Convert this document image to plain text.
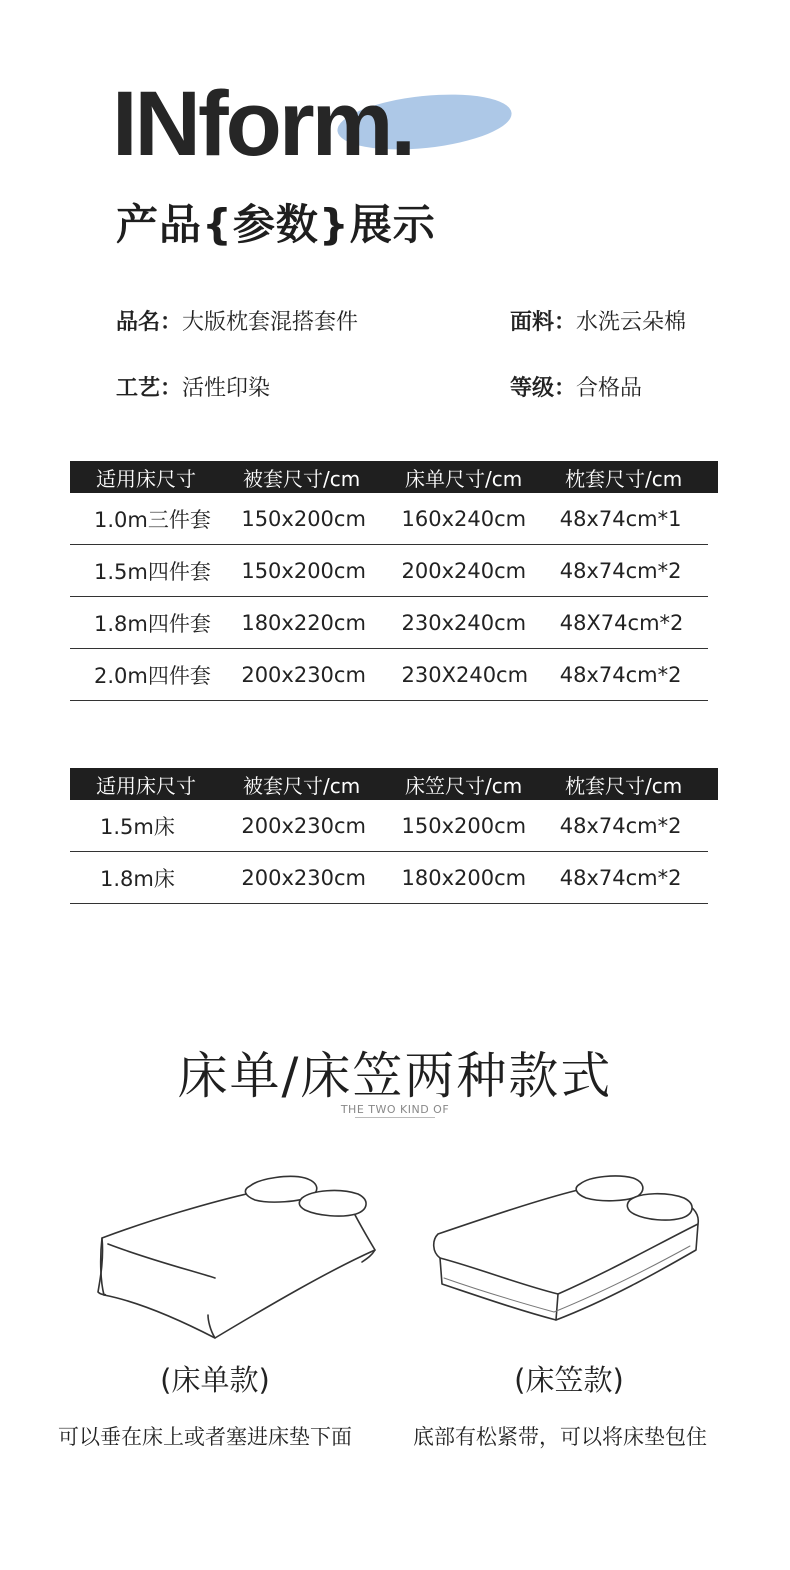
INform.
产品{参数}展示
品名：大版枕套混搭套件	面料：水洗云朵棉
工艺：活性印染	等级：合格品
适用床尺寸	被套尺寸/cm	床单尺寸/cm	枕套尺寸/cm
1.0m三件套	150x200cm	160x240cm	48x74cm*1
1.5m四件套	150x200cm	200x240cm	48x74cm*2
1.8m四件套	180x220cm	230x240cm	48X74cm*2
2.0m四件套	200x230cm	230X240cm	48x74cm*2
适用床尺寸	被套尺寸/cm	床笠尺寸/cm	枕套尺寸/cm
1.5m床	200x230cm	150x200cm	48x74cm*2
1.8m床	200x230cm	180x200cm	48x74cm*2
床单/床笠两种款式
THE TWO KIND OF
(床单款)	(床笠款)
可以垂在床上或者塞进床垫下面	底部有松紧带，可以将床垫包住
